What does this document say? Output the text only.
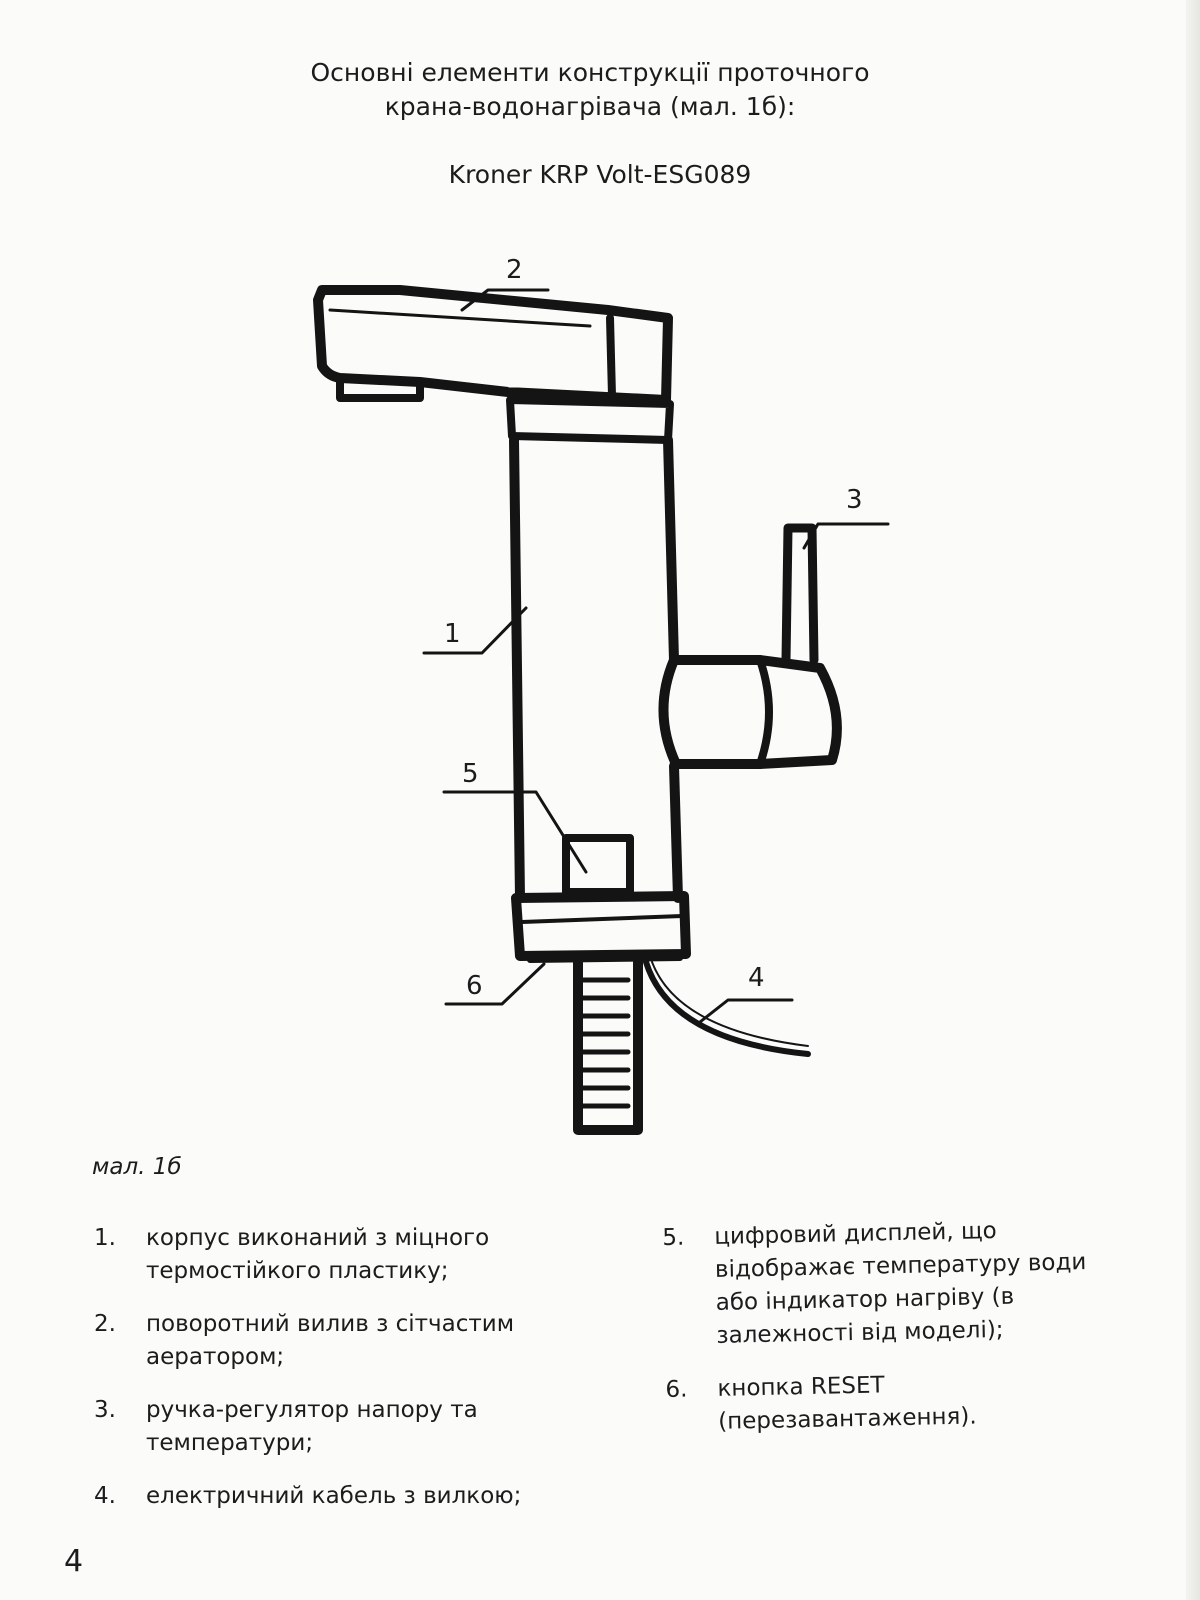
Основні елементи конструкції проточного
крана-водонагрівача (мал. 1б):
Kroner KRP Volt-ESG089
1
2
3
4
5
6
мал. 1б
1.	корпус виконаний з міцного термостійкого пластику;
2.	поворотний вилив з сітчастим аератором;
3.	ручка-регулятор напору та температури;
4.	електричний кабель з вилкою;
5.	цифровий дисплей, що відображає температуру води або індикатор нагріву (в залежності від моделі);
6.	кнопка RESET (перезавантаження).
4
